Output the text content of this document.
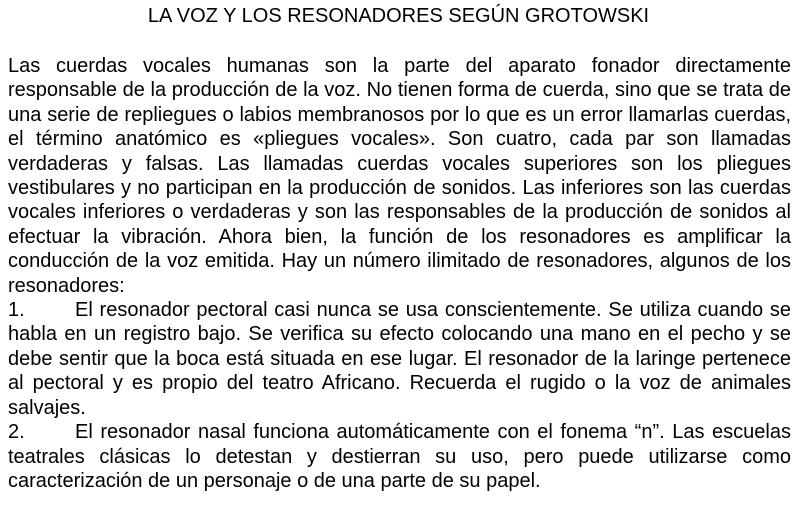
LA VOZ Y LOS RESONADORES SEGÚN GROTOWSKI

Las cuerdas vocales humanas son la parte del aparato fonador directamente responsable de la producción de la voz. No tienen forma de cuerda, sino que se trata de una serie de repliegues o labios membranosos por lo que es un error llamarlas cuerdas, el término anatómico es «pliegues vocales». Son cuatro, cada par son llamadas verdaderas y falsas. Las llamadas cuerdas vocales superiores son los pliegues vestibulares y no participan en la producción de sonidos. Las inferiores son las cuerdas vocales inferiores o verdaderas y son las responsables de la producción de sonidos al efectuar la vibración. Ahora bien, la función de los resonadores es amplificar la conducción de la voz emitida. Hay un número ilimitado de resonadores, algunos de los resonadores:

1.	El resonador pectoral casi nunca se usa conscientemente. Se utiliza cuando se habla en un registro bajo. Se verifica su efecto colocando una mano en el pecho y se debe sentir que la boca está situada en ese lugar. El resonador de la laringe pertenece al pectoral y es propio del teatro Africano. Recuerda el rugido o la voz de animales salvajes.

2.	El resonador nasal funciona automáticamente con el fonema “n”. Las escuelas teatrales clásicas lo detestan y destierran su uso, pero puede utilizarse como caracterización de un personaje o de una parte de su papel.
